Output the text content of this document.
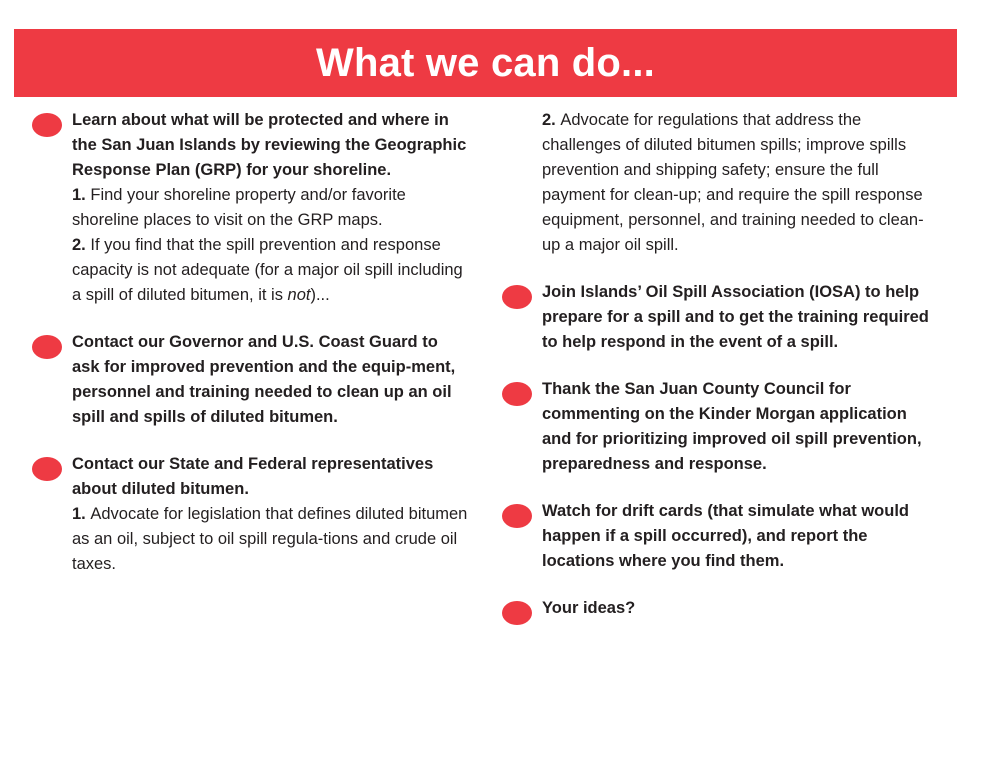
What we can do...

Learn about what will be protected and where in the San Juan Islands by reviewing the Geographic Response Plan (GRP) for your shoreline.

1. Find your shoreline property and/or favorite shoreline places to visit on the GRP maps.

2. If you find that the spill prevention and response capacity is not adequate (for a major oil spill including a spill of diluted bitumen, it is not)...

Contact our Governor and U.S. Coast Guard to ask for improved prevention and the equip-ment, personnel and training needed to clean up an oil spill and spills of diluted bitumen.

Contact our State and Federal representatives about diluted bitumen.

1. Advocate for legislation that defines diluted bitumen as an oil, subject to oil spill regula-tions and crude oil taxes.

2. Advocate for regulations that address the challenges of diluted bitumen spills; improve spills prevention and shipping safety; ensure the full payment for clean-up; and require the spill response equipment, personnel, and training needed to clean-up a major oil spill.

Join Islands’ Oil Spill Association (IOSA) to help prepare for a spill and to get the training required to help respond in the event of a spill.

Thank the San Juan County Council for commenting on the Kinder Morgan application and for prioritizing improved oil spill prevention, preparedness and response.

Watch for drift cards (that simulate what would happen if a spill occurred), and report the locations where you find them.

Your ideas?
